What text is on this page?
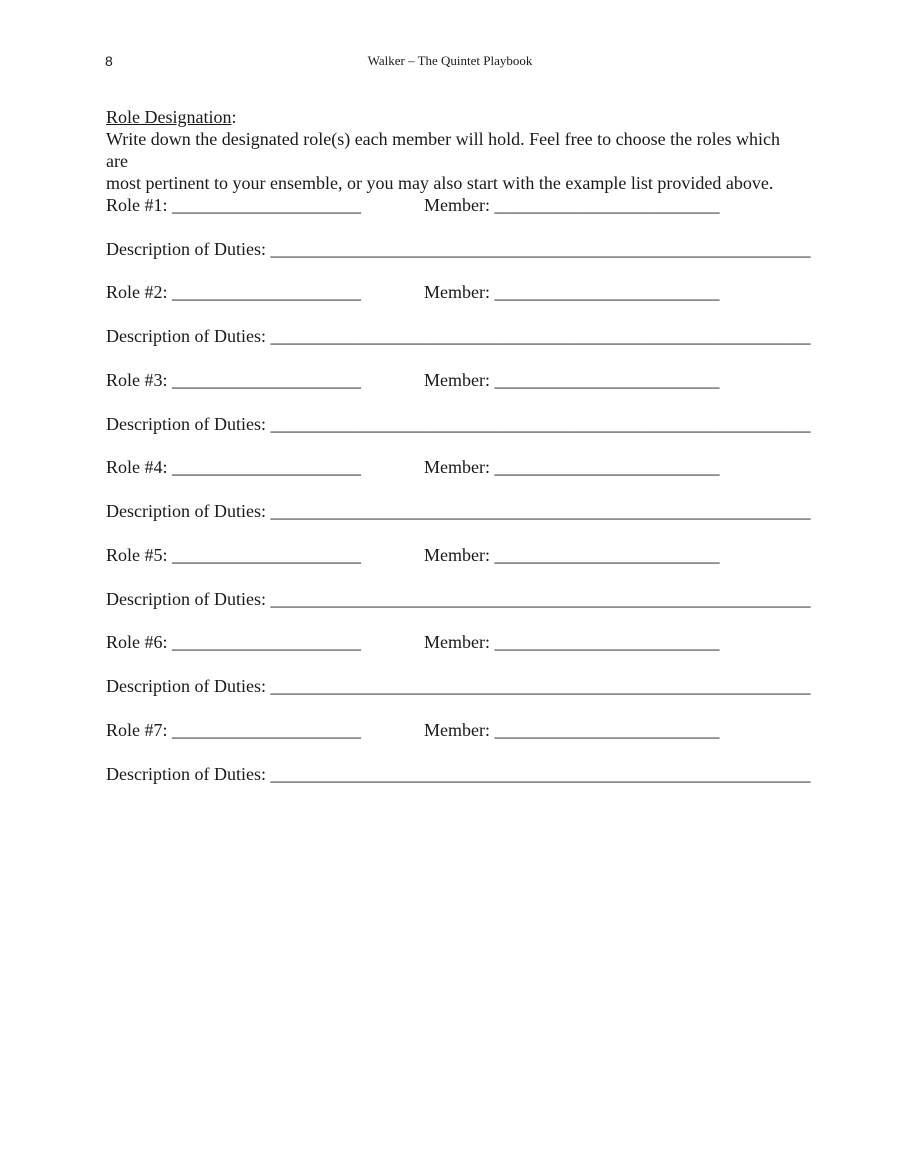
8	Walker – The Quintet Playbook

Role Designation:

Write down the designated role(s) each member will hold. Feel free to choose the roles which are

most pertinent to your ensemble, or you may also start with the example list provided above.

Role #1: _____________________	Member: _________________________
Description of Duties: ____________________________________________________________
Role #2: _____________________	Member: _________________________
Description of Duties: ____________________________________________________________
Role #3: _____________________	Member: _________________________
Description of Duties: ____________________________________________________________
Role #4: _____________________	Member: _________________________
Description of Duties: ____________________________________________________________
Role #5: _____________________	Member: _________________________
Description of Duties: ____________________________________________________________
Role #6: _____________________	Member: _________________________
Description of Duties: ____________________________________________________________
Role #7: _____________________	Member: _________________________
Description of Duties: ____________________________________________________________
